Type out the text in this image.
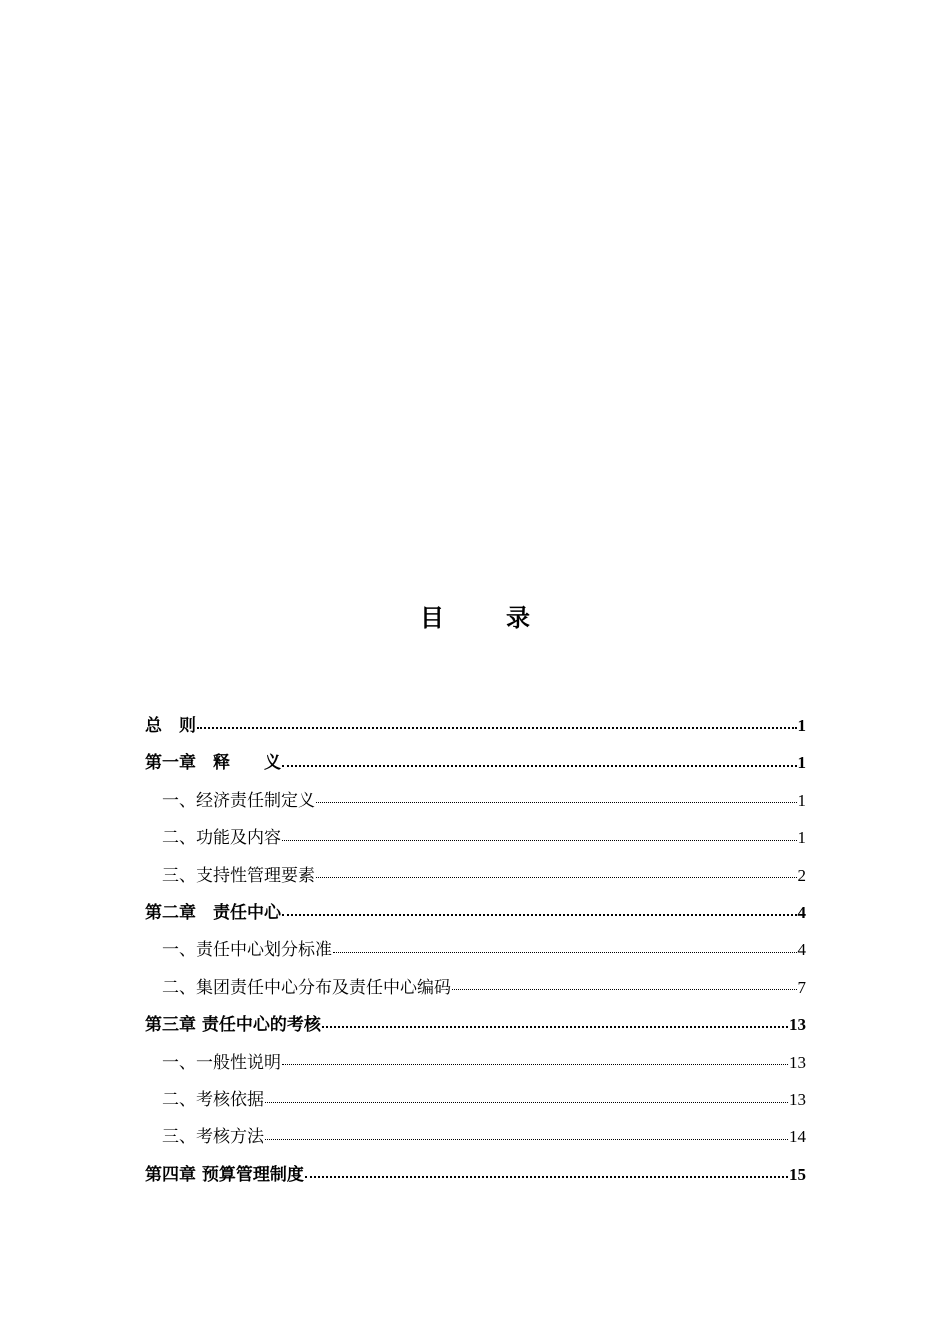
目	录
总　则	1
第一章　释　　义	1
一、经济责任制定义	1
二、功能及内容	1
三、支持性管理要素	2
第二章　责任中心	4
一、责任中心划分标准	4
二、集团责任中心分布及责任中心编码	7
第三章 责任中心的考核	13
一、一般性说明	13
二、考核依据	13
三、考核方法	14
第四章 预算管理制度	15
